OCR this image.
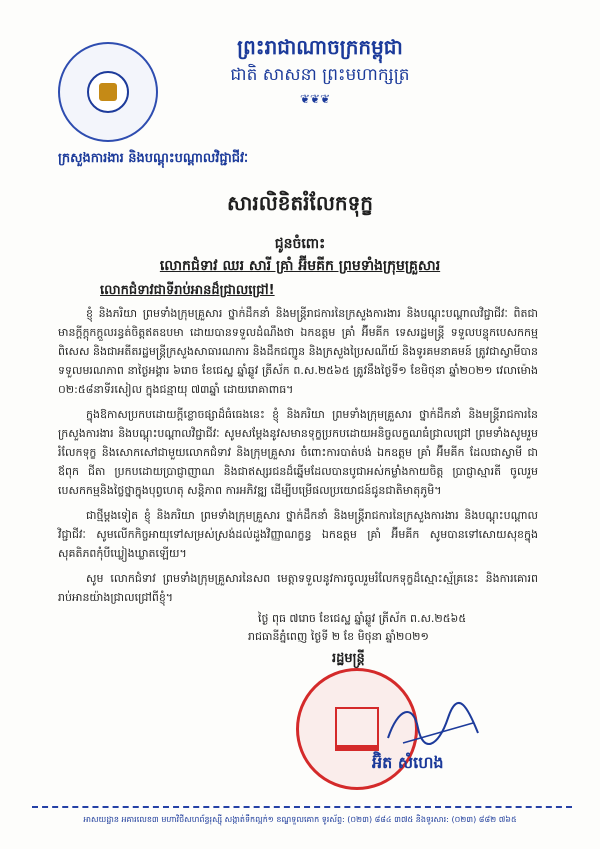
ព្រះរាជាណាចក្រកម្ពុជា
ជាតិ សាសនា ព្រះមហាក្សត្រ
❦❦❦
ក្រសួងការងារ និងបណ្តុះបណ្តាលវិជ្ជាជីវៈ
សារលិខិតរំលែកទុក្ខ
ជូនចំពោះ
លោកជំទាវ ឈរ សារី គ្រាំ អ៊ីមគីក ព្រមទាំងក្រុមគ្រួសារ
លោកជំទាវជាទីរាប់អានដ៏ជ្រាលជ្រៅ!

ខ្ញុំ និងភរិយា ព្រមទាំងក្រុមគ្រួសារ ថ្នាក់ដឹកនាំ និងមន្ត្រីរាជការនៃក្រសួងការងារ និងបណ្តុះបណ្តាលវិជ្ជាជីវៈ ពិតជាមានក្តីក្តុកក្តួលរន្ធត់ចិត្តឥតឧបមា ដោយបានទទួលដំណឹងថា ឯកឧត្តម គ្រាំ អ៊ីមគីក ទេសរដ្ឋមន្ត្រី ទទួលបន្ទុកបេសកកម្មពិសេស និងជាអតីតរដ្ឋមន្ត្រីក្រសួងសាធារណការ និងដឹកជញ្ជូន និងក្រសួងប្រៃសណីយ៍ និងទូរគមនាគមន៍ ត្រូវជាស្វាមីបានទទួលមរណភាព នាថ្ងៃអង្គារ ៦រោច ខែជេស្ឋ ឆ្នាំឆ្លូវ ត្រីស័ក ព.ស.២៥៦៥ ត្រូវនឹងថ្ងៃទី១ ខែមិថុនា ឆ្នាំ២០២១ វេលាម៉ោង ០២:៥៨នាទីរសៀល ក្នុងជន្មាយុ ៧៣ឆ្នាំ ដោយរោគាពាធ។

ក្នុងឱកាសប្រកបដោយក្តីខ្លោចផ្សាដ៏ធំធេងនេះ ខ្ញុំ និងភរិយា ព្រមទាំងក្រុមគ្រួសារ ថ្នាក់ដឹកនាំ និងមន្ត្រីរាជការនៃក្រសួងការងារ និងបណ្តុះបណ្តាលវិជ្ជាជីវៈ សូមសម្តែងនូវសមានទុក្ខប្រកបដោយអនិច្ចលក្ខណធំជ្រាលជ្រៅ ព្រមទាំងសូមរួមរំលែកទុក្ខ និងសោកសៅជាមួយលោកជំទាវ និងក្រុមគ្រួសារ ចំពោះការបាត់បង់ ឯកឧត្តម គ្រាំ អ៊ីមគីក ដែលជាស្វាមី ជាឪពុក ជីតា ប្រកបដោយប្រាជ្ញាញាណ និងជាឥស្សរជនដ៏ឆ្នើមដែលបានបូជាអស់កម្លាំងកាយចិត្ត ប្រាជ្ញាស្មារតី ចូលរួមបេសកកម្មនិងថ្លៃថ្នាក្នុងបុព្វហេតុ សន្តិភាព ការអភិវឌ្ឍ ដើម្បីបម្រើផលប្រយោជន៍ជូនជាតិមាតុភូមិ។

ជាថ្មីម្តងទៀត ខ្ញុំ និងភរិយា ព្រមទាំងក្រុមគ្រួសារ ថ្នាក់ដឹកនាំ និងមន្ត្រីរាជការនៃក្រសួងការងារ និងបណ្តុះបណ្តាលវិជ្ជាជីវៈ សូមលើកកិច្ចអាយុទៅសម្រស់ស្រង់ដល់ដួងវិញ្ញាណក្ខន្ធ ឯកឧត្តម គ្រាំ អ៊ីមគីក សូមបានទៅសោយសុខក្នុងសុគតិភពកុំបីឃ្លៀងឃ្លាតឡើយ។

សូម លោកជំទាវ ព្រមទាំងក្រុមគ្រួសារនៃសព មេត្តាទទួលនូវការចូលរួមរំលែកទុក្ខដ៏ស្មោះស្ម័គ្រនេះ និងការគោរពរាប់អានយ៉ាងជ្រាលជ្រៅពីខ្ញុំ។

ថ្ងៃ ពុធ ៧រោច ខែជេស្ឋ ឆ្នាំឆ្លូវ ត្រីស័ក ព.ស.២៥៦៥
រាជធានីភ្នំពេញ ថ្ងៃទី ២ ខែ មិថុនា ឆ្នាំ២០២១
រដ្ឋមន្ត្រី
អ៊ិត សំហេង
អាសយដ្ឋាន អគារលេខ៣ មហាវិថីសហព័ន្ធរុស្ស៊ី សង្កាត់ទឹកល្អក់១ ខណ្ឌទួលគោក ទូរស័ព្ទ: (០២៣) ៨៨៤ ៣៧៥ និងទូរសារ: (០២៣) ៨៨២ ៧៦៥
